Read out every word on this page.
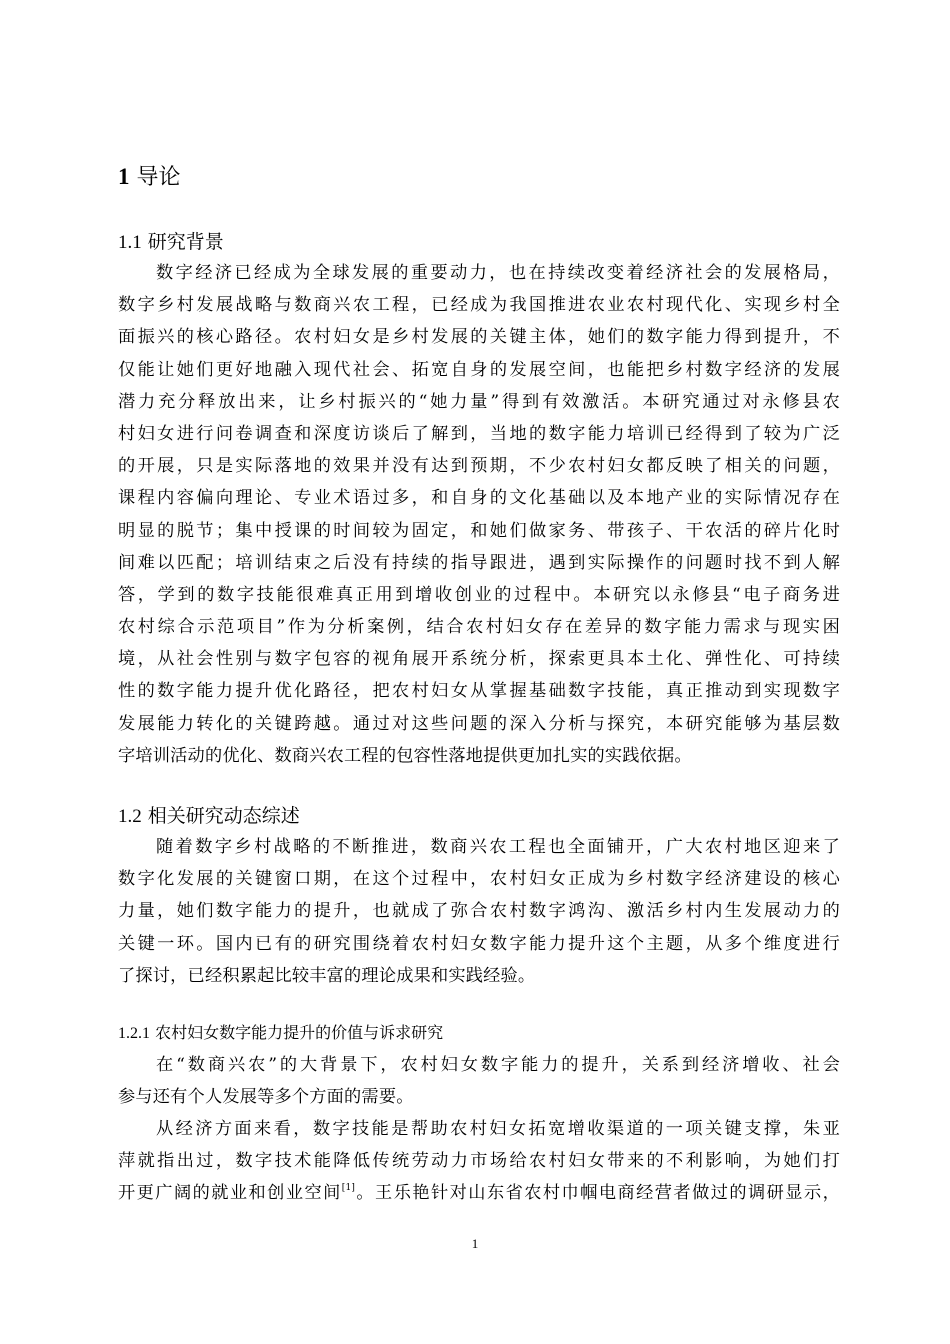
1 导论
1.1 研究背景
数字经济已经成为全球发展的重要动力，也在持续改变着经济社会的发展格局，
数字乡村发展战略与数商兴农工程，已经成为我国推进农业农村现代化、实现乡村全
面振兴的核心路径。农村妇女是乡村发展的关键主体，她们的数字能力得到提升，不
仅能让她们更好地融入现代社会、拓宽自身的发展空间，也能把乡村数字经济的发展
潜力充分释放出来，让乡村振兴的“她力量”得到有效激活。本研究通过对永修县农
村妇女进行问卷调查和深度访谈后了解到，当地的数字能力培训已经得到了较为广泛
的开展，只是实际落地的效果并没有达到预期，不少农村妇女都反映了相关的问题，
课程内容偏向理论、专业术语过多，和自身的文化基础以及本地产业的实际情况存在
明显的脱节；集中授课的时间较为固定，和她们做家务、带孩子、干农活的碎片化时
间难以匹配；培训结束之后没有持续的指导跟进，遇到实际操作的问题时找不到人解
答，学到的数字技能很难真正用到增收创业的过程中。本研究以永修县“电子商务进
农村综合示范项目”作为分析案例，结合农村妇女存在差异的数字能力需求与现实困
境，从社会性别与数字包容的视角展开系统分析，探索更具本土化、弹性化、可持续
性的数字能力提升优化路径，把农村妇女从掌握基础数字技能，真正推动到实现数字
发展能力转化的关键跨越。通过对这些问题的深入分析与探究，本研究能够为基层数
字培训活动的优化、数商兴农工程的包容性落地提供更加扎实的实践依据。
1.2 相关研究动态综述
随着数字乡村战略的不断推进，数商兴农工程也全面铺开，广大农村地区迎来了
数字化发展的关键窗口期，在这个过程中，农村妇女正成为乡村数字经济建设的核心
力量，她们数字能力的提升，也就成了弥合农村数字鸿沟、激活乡村内生发展动力的
关键一环。国内已有的研究围绕着农村妇女数字能力提升这个主题，从多个维度进行
了探讨，已经积累起比较丰富的理论成果和实践经验。
1.2.1 农村妇女数字能力提升的价值与诉求研究
在“数商兴农”的大背景下，农村妇女数字能力的提升，关系到经济增收、社会
参与还有个人发展等多个方面的需要。
从经济方面来看，数字技能是帮助农村妇女拓宽增收渠道的一项关键支撑，朱亚
萍就指出过，数字技术能降低传统劳动力市场给农村妇女带来的不利影响，为她们打
开更广阔的就业和创业空间[1]。王乐艳针对山东省农村巾帼电商经营者做过的调研显示，
1
